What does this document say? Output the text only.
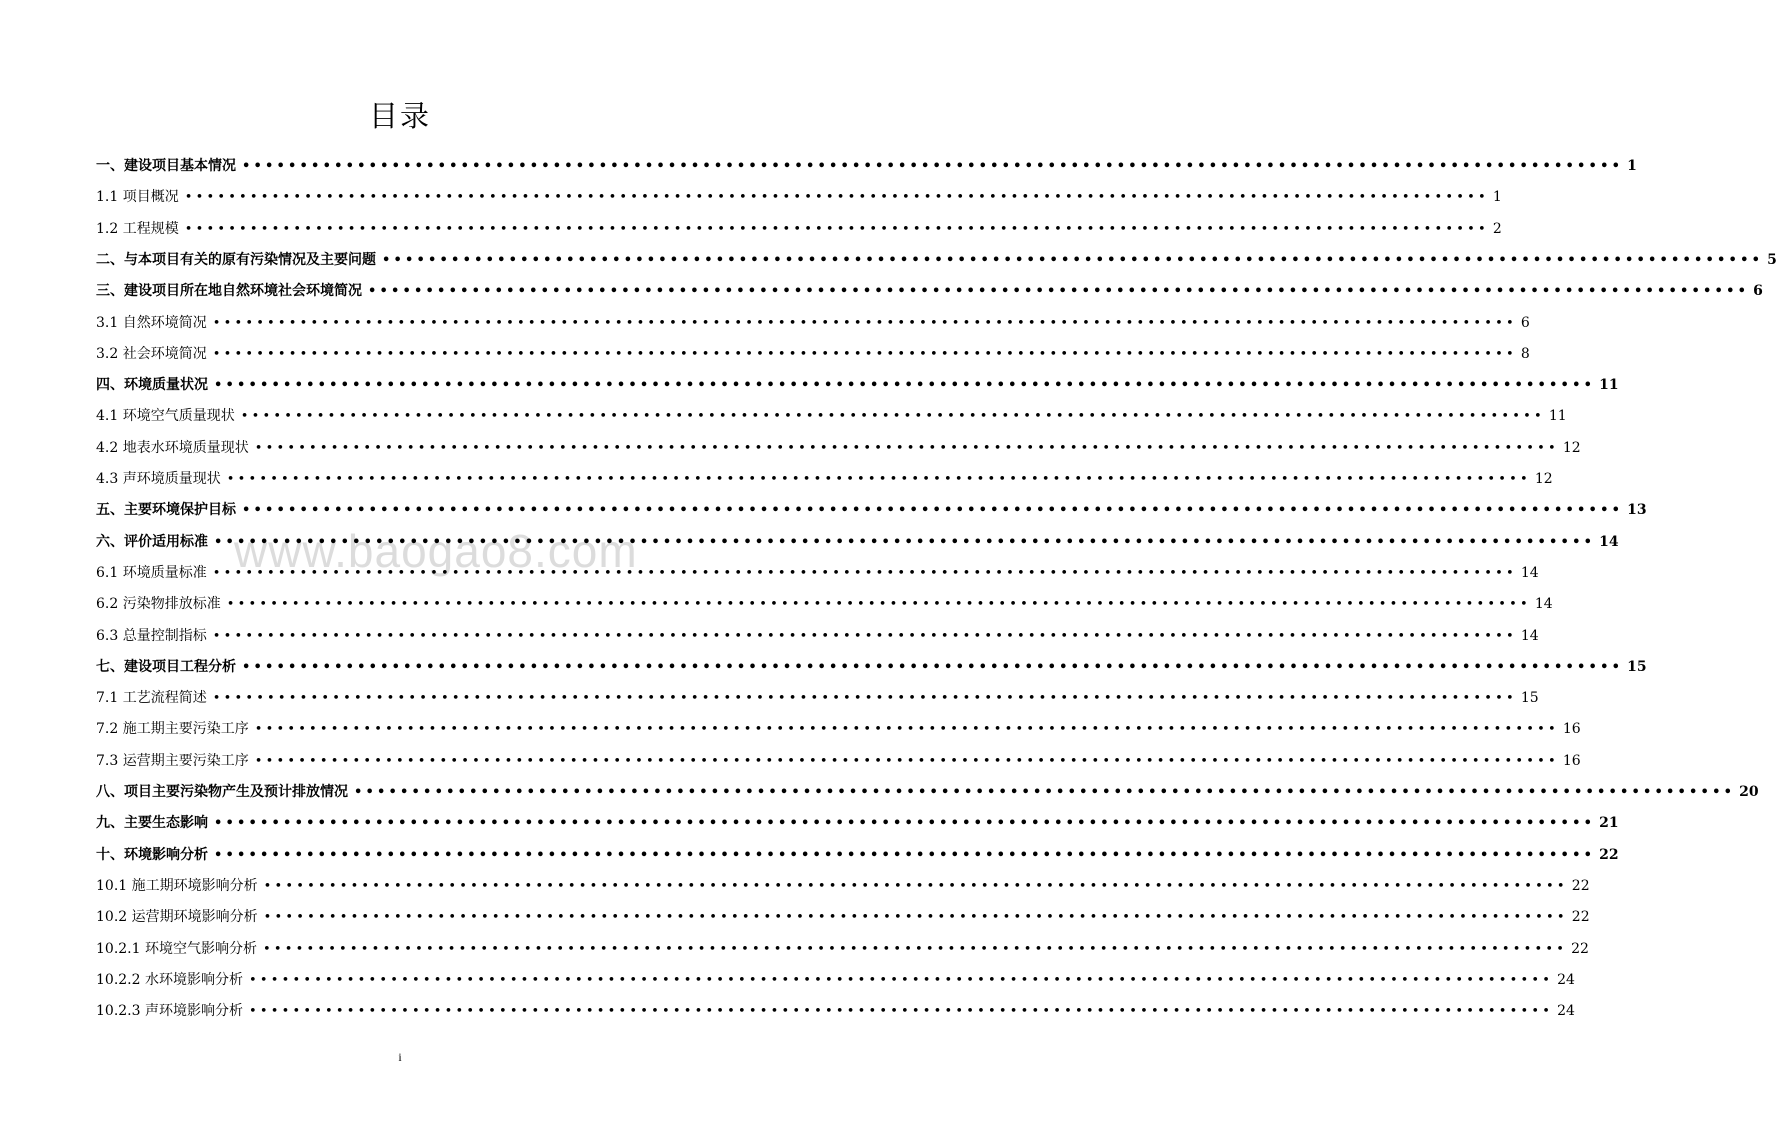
目录
www.baogao8.com
一、建设项目基本情况 •••••••••••••••••••••••••••••••••••••••••••••••••••••••••••••••••••••••••••••••••••••••••••••••••••••••••••••••••••••••• 1
1.1 项目概况 •••••••••••••••••••••••••••••••••••••••••••••••••••••••••••••••••••••••••••••••••••••••••••••••••••••••••••••••••••••••• 1
1.2 工程规模 •••••••••••••••••••••••••••••••••••••••••••••••••••••••••••••••••••••••••••••••••••••••••••••••••••••••••••••••••••••••• 2
二、与本项目有关的原有污染情况及主要问题 •••••••••••••••••••••••••••••••••••••••••••••••••••••••••••••••••••••••••••••••••••••••••••••••••••••••••••••••••••••••• 5
三、建设项目所在地自然环境社会环境简况 •••••••••••••••••••••••••••••••••••••••••••••••••••••••••••••••••••••••••••••••••••••••••••••••••••••••••••••••••••••••• 6
3.1 自然环境简况 •••••••••••••••••••••••••••••••••••••••••••••••••••••••••••••••••••••••••••••••••••••••••••••••••••••••••••••••••••••••• 6
3.2 社会环境简况 •••••••••••••••••••••••••••••••••••••••••••••••••••••••••••••••••••••••••••••••••••••••••••••••••••••••••••••••••••••••• 8
四、环境质量状况 •••••••••••••••••••••••••••••••••••••••••••••••••••••••••••••••••••••••••••••••••••••••••••••••••••••••••••••••••••••••• 11
4.1 环境空气质量现状 •••••••••••••••••••••••••••••••••••••••••••••••••••••••••••••••••••••••••••••••••••••••••••••••••••••••••••••••••••••••• 11
4.2 地表水环境质量现状 •••••••••••••••••••••••••••••••••••••••••••••••••••••••••••••••••••••••••••••••••••••••••••••••••••••••••••••••••••••••• 12
4.3 声环境质量现状 •••••••••••••••••••••••••••••••••••••••••••••••••••••••••••••••••••••••••••••••••••••••••••••••••••••••••••••••••••••••• 12
五、主要环境保护目标 •••••••••••••••••••••••••••••••••••••••••••••••••••••••••••••••••••••••••••••••••••••••••••••••••••••••••••••••••••••••• 13
六、评价适用标准 •••••••••••••••••••••••••••••••••••••••••••••••••••••••••••••••••••••••••••••••••••••••••••••••••••••••••••••••••••••••• 14
6.1 环境质量标准 •••••••••••••••••••••••••••••••••••••••••••••••••••••••••••••••••••••••••••••••••••••••••••••••••••••••••••••••••••••••• 14
6.2 污染物排放标准 •••••••••••••••••••••••••••••••••••••••••••••••••••••••••••••••••••••••••••••••••••••••••••••••••••••••••••••••••••••••• 14
6.3 总量控制指标 •••••••••••••••••••••••••••••••••••••••••••••••••••••••••••••••••••••••••••••••••••••••••••••••••••••••••••••••••••••••• 14
七、建设项目工程分析 •••••••••••••••••••••••••••••••••••••••••••••••••••••••••••••••••••••••••••••••••••••••••••••••••••••••••••••••••••••••• 15
7.1 工艺流程简述 •••••••••••••••••••••••••••••••••••••••••••••••••••••••••••••••••••••••••••••••••••••••••••••••••••••••••••••••••••••••• 15
7.2 施工期主要污染工序 •••••••••••••••••••••••••••••••••••••••••••••••••••••••••••••••••••••••••••••••••••••••••••••••••••••••••••••••••••••••• 16
7.3 运营期主要污染工序 •••••••••••••••••••••••••••••••••••••••••••••••••••••••••••••••••••••••••••••••••••••••••••••••••••••••••••••••••••••••• 16
八、项目主要污染物产生及预计排放情况 •••••••••••••••••••••••••••••••••••••••••••••••••••••••••••••••••••••••••••••••••••••••••••••••••••••••••••••••••••••••• 20
九、主要生态影响 •••••••••••••••••••••••••••••••••••••••••••••••••••••••••••••••••••••••••••••••••••••••••••••••••••••••••••••••••••••••• 21
十、环境影响分析 •••••••••••••••••••••••••••••••••••••••••••••••••••••••••••••••••••••••••••••••••••••••••••••••••••••••••••••••••••••••• 22
10.1 施工期环境影响分析 •••••••••••••••••••••••••••••••••••••••••••••••••••••••••••••••••••••••••••••••••••••••••••••••••••••••••••••••••••••••• 22
10.2 运营期环境影响分析 •••••••••••••••••••••••••••••••••••••••••••••••••••••••••••••••••••••••••••••••••••••••••••••••••••••••••••••••••••••••• 22
10.2.1 环境空气影响分析 •••••••••••••••••••••••••••••••••••••••••••••••••••••••••••••••••••••••••••••••••••••••••••••••••••••••••••••••••••••••• 22
10.2.2 水环境影响分析 •••••••••••••••••••••••••••••••••••••••••••••••••••••••••••••••••••••••••••••••••••••••••••••••••••••••••••••••••••••••• 24
10.2.3 声环境影响分析 •••••••••••••••••••••••••••••••••••••••••••••••••••••••••••••••••••••••••••••••••••••••••••••••••••••••••••••••••••••••• 24
i
